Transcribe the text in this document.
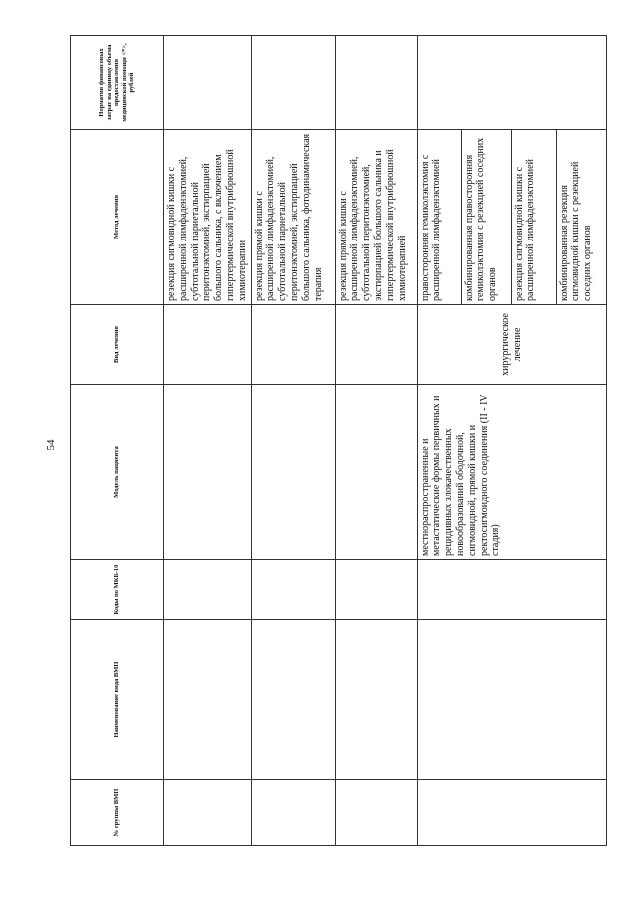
54
№ группы ВМП	Наименование вида ВМП	Коды по МКБ-10	Модель пациента	Вид лечения	Метод лечения	Норматив финансовых затрат на единицу объема предоставления медицинской помощи <*>, рублей
					резекция сигмовидной кишки с расширенной лимфаденэктомией, субтотальной париетальной перитонэктомией, экстирпацией большого сальника, с включением гипертермической внутрибрюшной химиотерапии	
					резекция прямой кишки с расширенной лимфаденэктомией, субтотальной париетальной перитонэктомией, экстирпацией большого сальника, фотодинамическая терапия	
					резекция прямой кишки с расширенной лимфаденэктомией, субтотальной перитонэктомией, экстирпацией большого сальника и гипертермической внутрибрюшной химиотерапией	
			местнораспространенные и метастатические формы первичных и рецидивных злокачественных новообразований ободочной, сигмовидной, прямой кишки и ректосигмоидного соединения (II - IV стадия)	хирургическое лечение	правосторонняя гемиколэктомия с расширенной лимфаденэктомией	
					комбинированная правосторонняя гемиколэктомия с резекцией соседних органов	
					резекция сигмовидной кишки с расширенной лимфаденэктомией	
					комбинированная резекция сигмовидной кишки с резекцией соседних органов	
